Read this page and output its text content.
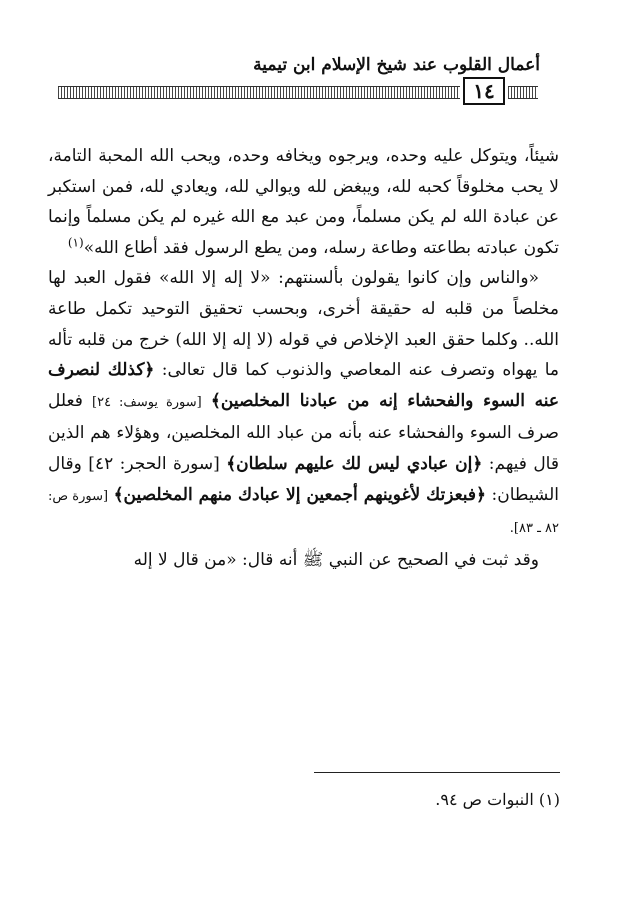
أعمال القلوب عند شيخ الإسلام ابن تيمية
١٤

شيئاً، ويتوكل عليه وحده، ويرجوه ويخافه وحده، ويحب الله المحبة التامة، لا يحب مخلوقاً كحبه لله، ويبغض لله ويوالي لله، ويعادي لله، فمن استكبر عن عبادة الله لم يكن مسلماً، ومن عبد مع الله غيره لم يكن مسلماً وإنما تكون عبادته بطاعته وطاعة رسله، ومن يطع الرسول فقد أطاع الله»$^{(١)}$

«والناس وإن كانوا يقولون بألسنتهم: «لا إله إلا الله» فقول العبد لها مخلصاً من قلبه له حقيقة أخرى، وبحسب تحقيق التوحيد تكمل طاعة الله.. وكلما حقق العبد الإخلاص في قوله (لا إله إلا الله) خرج من قلبه تأله ما يهواه وتصرف عنه المعاصي والذنوب كما قال تعالى: ﴿كذلك لنصرف عنه السوء والفحشاء إنه من عبادنا المخلصين﴾ [سورة يوسف: ٢٤] فعلل صرف السوء والفحشاء عنه بأنه من عباد الله المخلصين، وهؤلاء هم الذين قال فيهم: ﴿إن عبادي ليس لك عليهم سلطان﴾ [سورة الحجر: ٤٢] وقال الشيطان: ﴿فبعزتك لأغوينهم أجمعين إلا عبادك منهم المخلصين﴾ [سورة ص: ٨٢ ـ ٨٣].

وقد ثبت في الصحيح عن النبي ﷺ أنه قال: «من قال لا إله

(١) النبوات ص ٩٤.
